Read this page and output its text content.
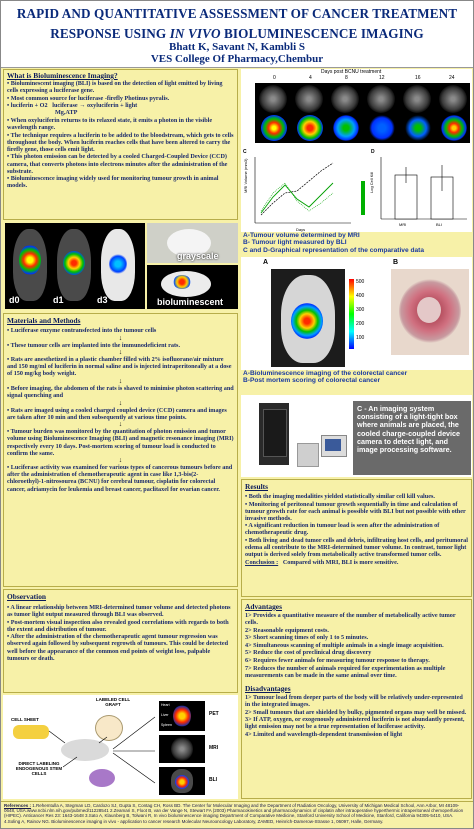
RAPID AND QUANTITATIVE ASSESSMENT OF CANCER TREATMENT
RESPONSE USING IN VIVO BIOLUMINESCENCE IMAGING
Bhatt K, Savant N, Kambli S
VES College Of Pharmacy,Chembur
What is Bioluminescence Imaging?

• Bioluminescent imaging (BLI) is based on the detection of light emitted by living cells expressing a luciferase gene.

• Most common source for luciferase -firefly Photinus pyralis.

• luciferin + O2 luciferase → oxyluciferin + light
Mg,ATP

• When oxyluciferin returns to its relaxed state, it emits a photon in the visible wavelength range.

• The technique requires a luciferin to be added to the bloodstream, which gets to cells throughout the body. When luciferin reaches cells that have been altered to carry the firefly gene, those cells emit light.

• This photon emission can be detected by a cooled Charged-Coupled Device (CCD) camera, that converts photons into electrons minutes after the administration of the substrate.

• Bioluminescence imaging widely used for monitoring tumour growth in animal models.

d0	d1	d3
grayscale
bioluminescent
Days post BCNU treatment
0	4	8	12	16	24
C	D
MRI Volume (mm3)
Days
Log Cell Kill
MRI	BLI
A-Tumour volume determined by MRI
B- Tumour light measured by BLI
C and D-Graphical representation of the comparative data
A
500
400
300
200
100
B
A-Bioluminescence imaging of the colorectal cancer
B-Post mortem scoring of colorectal cancer
C - An imaging system consisting of a light-tight box where animals are placed, the cooled charge-coupled device camera to detect light, and image processing software.
Materials and Methods

• Luciferase enzyme contransfected into the tumour cells

↓

• These tumour cells are implanted into the immunodeficient rats.

↓

• Rats are anesthetized in a plastic chamber filled with 2% isofluorane/air mixture and 150 mg/ml of luciferin in normal saline and is injected intraperitoneally at a dose of 150 mg/kg body weight.

↓

• Before imaging, the abdomen of the rats is shaved to minimise photon scattering and signal quenching and

↓

• Rats are imaged using a cooled charged coupled device (CCD) camera and images are taken after 10 min and then subsequently at various time points.

↓

• Tumour burden was monitored by the quantitation of photon emission and tumor volume using Bioluminescence Imaging (BLI) and magnetic resonance imaging (MRI) respectively every 10 days. Post-mortem scoring of tumour load is conducted to confirm the same.

↓

• Luciferase activity was examined for various types of cancerous tumours before and after the administration of chemotherapeutic agent in case like 1,3-bis(2-chloroethyl)-1-nitrosourea (BCNU) for cerebral tumour, cisplatin for colorectal cancer, adriamycin for leukemia and breast cancer, paclitaxel for ovarian cancer.

Observation

• A linear relationship between MRI-determined tumor volume and detected photons as tumor light output measured through BLI was observed.

• Post-mortem visual inspection also revealed good correlations with regards to both the extent and distribution of tumour.

• After the administration of the chemotherapeutic agent tumour regression was observed again followed by subsequent regrowth of tumours. This could be detected well before the appearance of the common end points of weight loss, palpable tumours or death.

LABELED CELL GRAFT
CELL SHEET
DIRECT LABELING ENDOGENOUS STEM CELLS
Heart
Liver
Spleen
PET
MRI
BLI
Results

• Both the imaging modalities yielded statistically similar cell kill values.

• Monitoring of peritoneal tumour growth sequentially in time and calculation of tumour growth rate for each animal is possible with BLI but not possible with other invasive methods.

• A significant reduction in tumour load is seen after the administration of chemotherapeutic drug.

• Both living and dead tumor cells and debris, infiltrating host cells, and peritumoral edema all contribute to the MRI-determined tumor volume. In contrast, tumor light output is derived solely from metabolically active transformed tumor cells.

Conclusion : Compared with MRI, BLI is more sensitive.

Advantages

1> Provides a quantitative measure of the number of metabolically active tumor cells.

2> Reasonable equipment costs.

3> Short scanning times of only 1 to 5 minutes.

4> Simultaneous scanning of multiple animals in a single image acquisition.

5> Reduce the cost of preclinical drug discovery

6> Requires fewer animals for measuring tumour response to therapy.

7> Reduces the number of animals required for experimentation as multiple measurements can be made in the same animal over time.

Disadvantages

1> Tumour load from deeper parts of the body will be relatively under-represented in the integrated images.

2> Small tumours that are shielded by bulky, pigmented organs may well be missed.

3> If ATP, oxygen, or exogenously administered luciferin is not abundantly present, light emission may not be a true representation of luciferase activity.

4> Limited and wavelength-dependent transmission of light

References : 1.Rehemtulla A, Stegman LD, Cardozo SJ, Gupta S, Contag CH, Ross BD. The Center for Molecular Imaging and the Department of Radiation Oncology, University of Michigan Medical School, Ann Arbor, MI 48109-0648, USA.www.ncbi.nlm.nih.gov/pubmed/11228541 2.Zeamari S, Floot B, van der Vange N, Stewart FA (2003) Pharmacokinetics and pharmacodynamics of cisplatin after intraoperative hyperthermic intraperitoneal chemoperfusion (HIPEC). Anticancer Res 23: 1643-1648 3.Sato A, Klaunberg B, Tolwani R, In vivo bioluminescence imaging Department of Comparative Medicine, Stanford University School of Medicine, Stanford, California 94305-5410, USA. 4.Soling A, Rainov NG. Bioluminescence imaging in vivo - application to cancer research Molecular Neurooncology Laboratory, ZAMED, Heinrich-Damerow-Strasse 1, 06097, Halle, Germany.
